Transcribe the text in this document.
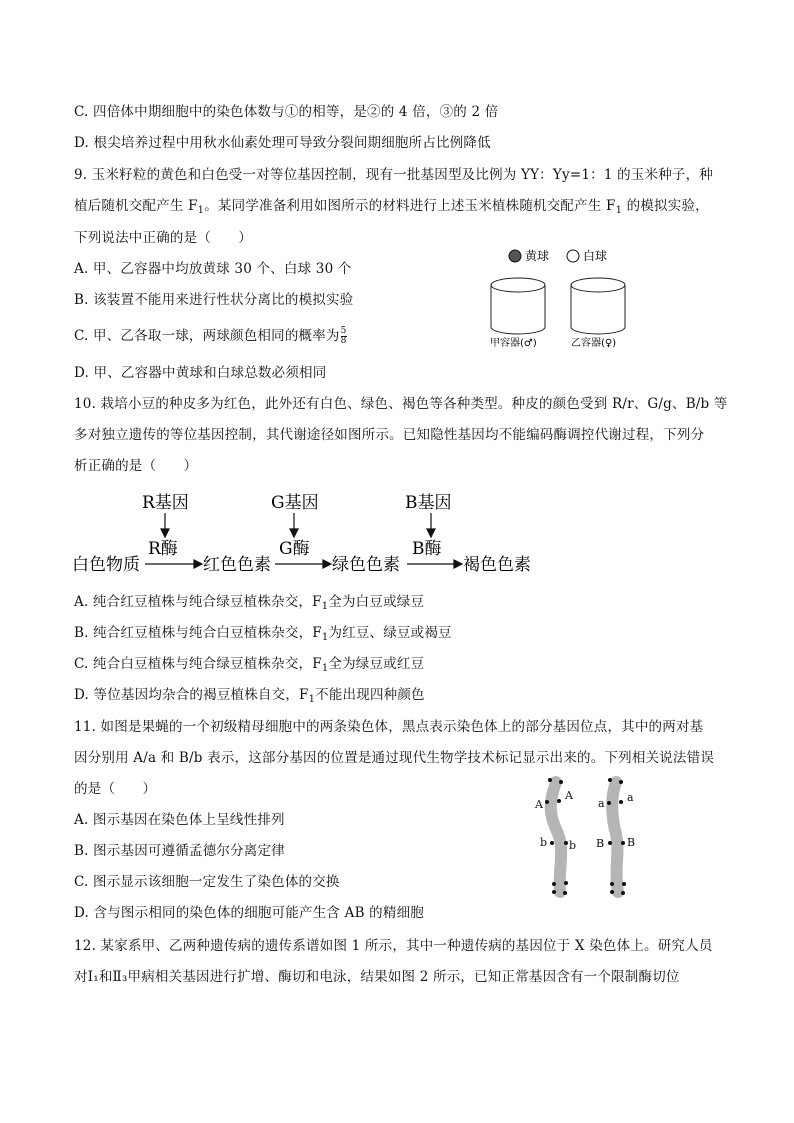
C. 四倍体中期细胞中的染色体数与①的相等，是②的 4 倍，③的 2 倍
D. 根尖培养过程中用秋水仙素处理可导致分裂间期细胞所占比例降低
9. 玉米籽粒的黄色和白色受一对等位基因控制，现有一批基因型及比例为 YY：Yy=1：1 的玉米种子，种
植后随机交配产生 $F_1$。某同学准备利用如图所示的材料进行上述玉米植株随机交配产生 $F_1$ 的模拟实验，
下列说法中正确的是（　　）
A. 甲、乙容器中均放黄球 30 个、白球 30 个
B. 该装置不能用来进行性状分离比的模拟实验
C. 甲、乙各取一球，两球颜色相同的概率为 $\frac{5}{8}$
D. 甲、乙容器中黄球和白球总数必须相同
黄球	白球
甲容器(♂)	乙容器(♀)
10. 栽培小豆的种皮多为红色，此外还有白色、绿色、褐色等各种类型。种皮的颜色受到 R/r、G/g、B/b 等
多对独立遗传的等位基因控制，其代谢途径如图所示。已知隐性基因均不能编码酶调控代谢过程，下列分
析正确的是（　　）
R基因	G基因	B基因
R酶	G酶	B酶
白色物质	红色色素	绿色色素	褐色色素
A. 纯合红豆植株与纯合绿豆植株杂交，$F_1$全为白豆或绿豆
B. 纯合红豆植株与纯合白豆植株杂交，$F_1$为红豆、绿豆或褐豆
C. 纯合白豆植株与纯合绿豆植株杂交，$F_1$全为绿豆或红豆
D. 等位基因均杂合的褐豆植株自交，$F_1$不能出现四种颜色
11. 如图是果蝇的一个初级精母细胞中的两条染色体，黑点表示染色体上的部分基因位点，其中的两对基
因分别用 A/a 和 B/b 表示，这部分基因的位置是通过现代生物学技术标记显示出来的。下列相关说法错误
的是（　　）
A. 图示基因在染色体上呈线性排列
B. 图示基因可遵循孟德尔分离定律
C. 图示显示该细胞一定发生了染色体的交换
D. 含与图示相同的染色体的细胞可能产生含 AB 的精细胞
A
A
b b
a a
B B
12. 某家系甲、乙两种遗传病的遗传系谱如图 1 所示，其中一种遗传病的基因位于 X 染色体上。研究人员
对Ⅰ₁和Ⅱ₃甲病相关基因进行扩增、酶切和电泳，结果如图 2 所示，已知正常基因含有一个限制酶切位
